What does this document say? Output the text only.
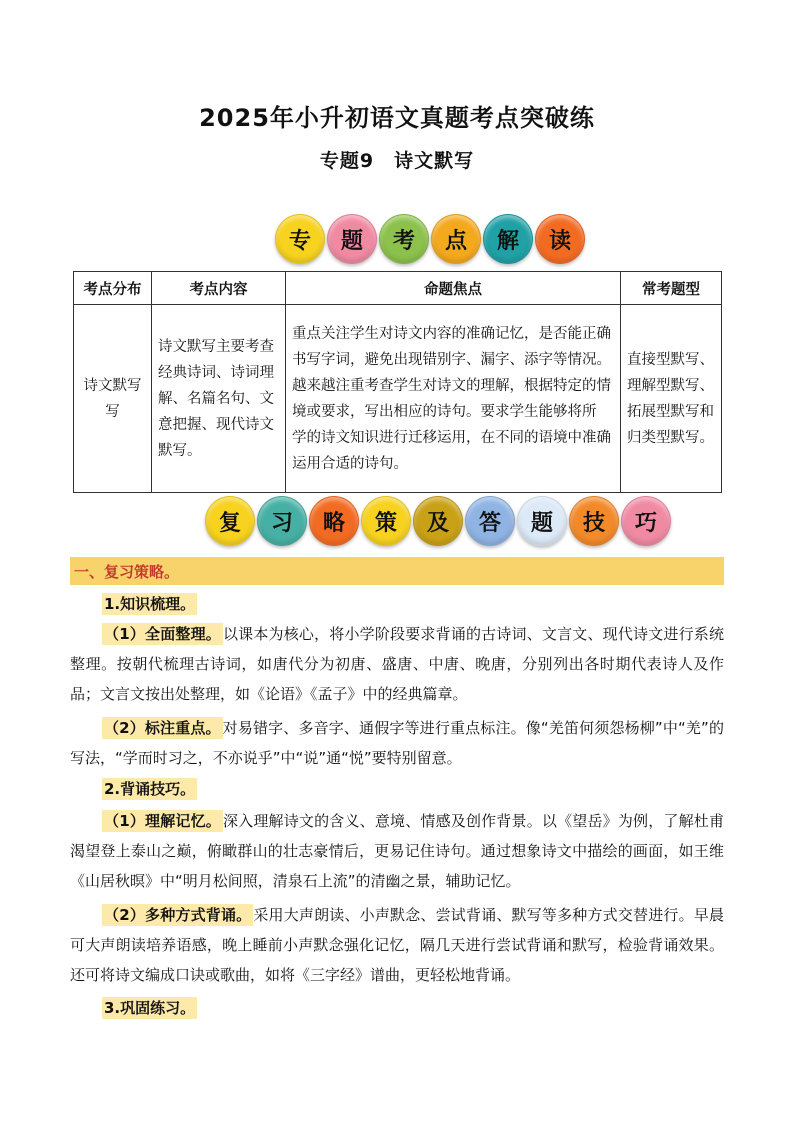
2025年小升初语文真题考点突破练
专题9　诗文默写
专 题 考 点 解 读
考点分布	考点内容	命题焦点	常考题型
诗文默写写	诗文默写主要考查经典诗词、诗词理解、名篇名句、文意把握、现代诗文默写。	重点关注学生对诗文内容的准确记忆，是否能正确书写字词，避免出现错别字、漏字、添字等情况。越来越注重考查学生对诗文的理解，根据特定的情境或要求，写出相应的诗句。要求学生能够将所 学的诗文知识进行迁移运用，在不同的语境中准确运用合适的诗句。	直接型默写、理解型默写、拓展型默写和归类型默写。
复 习 略 策 及 答 题 技 巧
一、复习策略。
1.知识梳理。
（1）全面整理。 以课本为核心，将小学阶段要求背诵的古诗词、文言文、现代诗文进行系统整理。按朝代梳理古诗词，如唐代分为初唐、盛唐、中唐、晚唐，分别列出各时期代表诗人及作品；文言文按出处整理，如《论语》《孟子》中的经典篇章。
（2）标注重点。 对易错字、多音字、通假字等进行重点标注。像“羌笛何须怨杨柳”中“羌”的写法，“学而时习之，不亦说乎”中“说”通“悦”要特别留意。
2.背诵技巧。
（1）理解记忆。 深入理解诗文的含义、意境、情感及创作背景。以《望岳》为例，了解杜甫渴望登上泰山之巅，俯瞰群山的壮志豪情后，更易记住诗句。通过想象诗文中描绘的画面，如王维《山居秋暝》中“明月松间照，清泉石上流”的清幽之景，辅助记忆。
（2）多种方式背诵。 采用大声朗读、小声默念、尝试背诵、默写等多种方式交替进行。早晨可大声朗读培养语感，晚上睡前小声默念强化记忆，隔几天进行尝试背诵和默写，检验背诵效果。还可将诗文编成口诀或歌曲，如将《三字经》谱曲，更轻松地背诵。
3.巩固练习。
